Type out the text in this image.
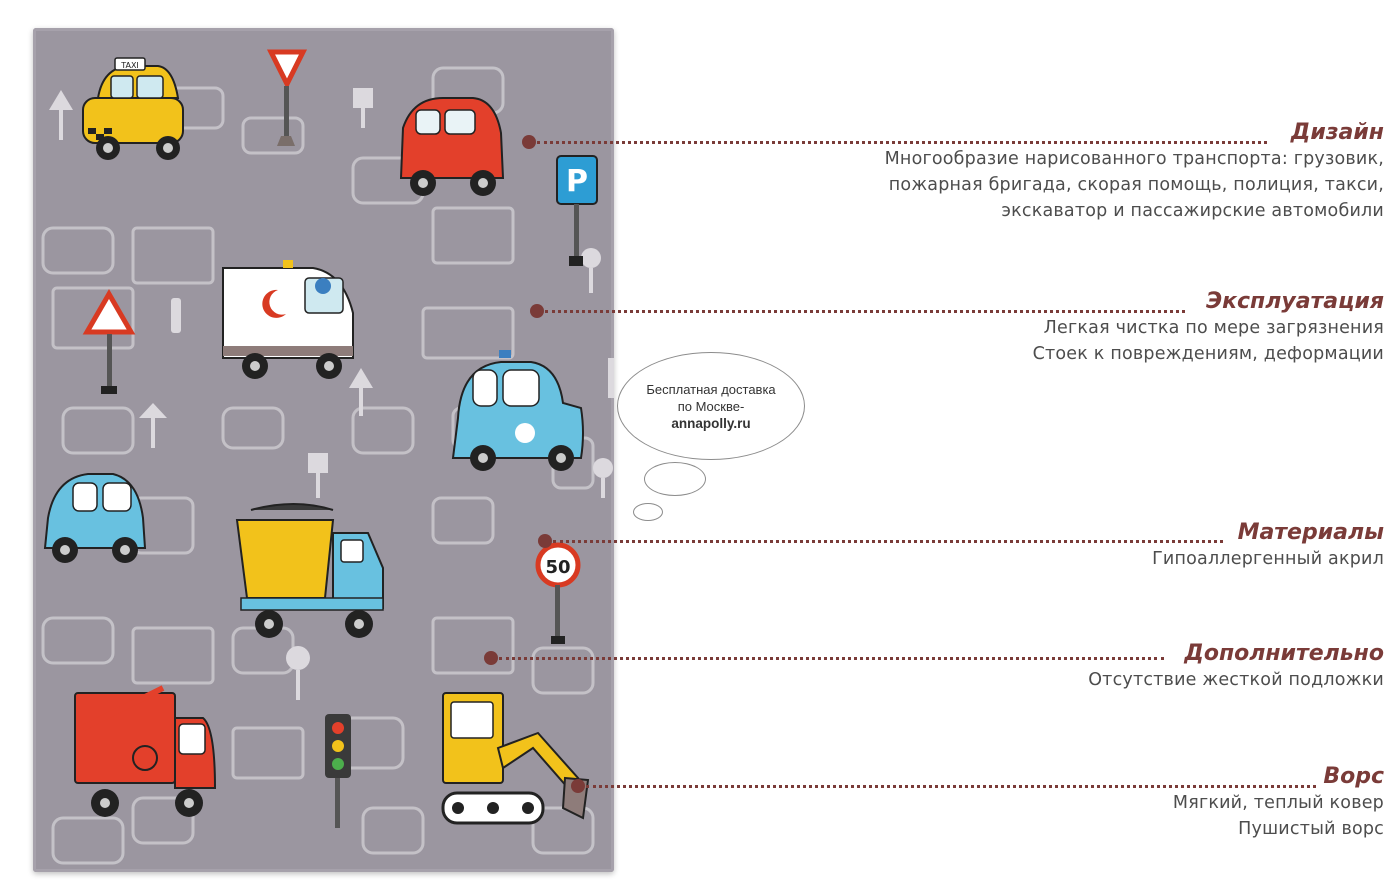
TAXI
P
50
Бесплатная доставка
по Москве-
annapolly.ru
Дизайн
Многообразие нарисованного транспорта: грузовик,
пожарная бригада, скорая помощь, полиция, такси,
экскаватор и пассажирские автомобили
Эксплуатация
Легкая чистка по мере загрязнения
Стоек к повреждениям, деформации
Материалы
Гипоаллергенный акрил
Дополнительно
Отсутствие жесткой подложки
Ворс
Мягкий, теплый ковер
Пушистый ворс
